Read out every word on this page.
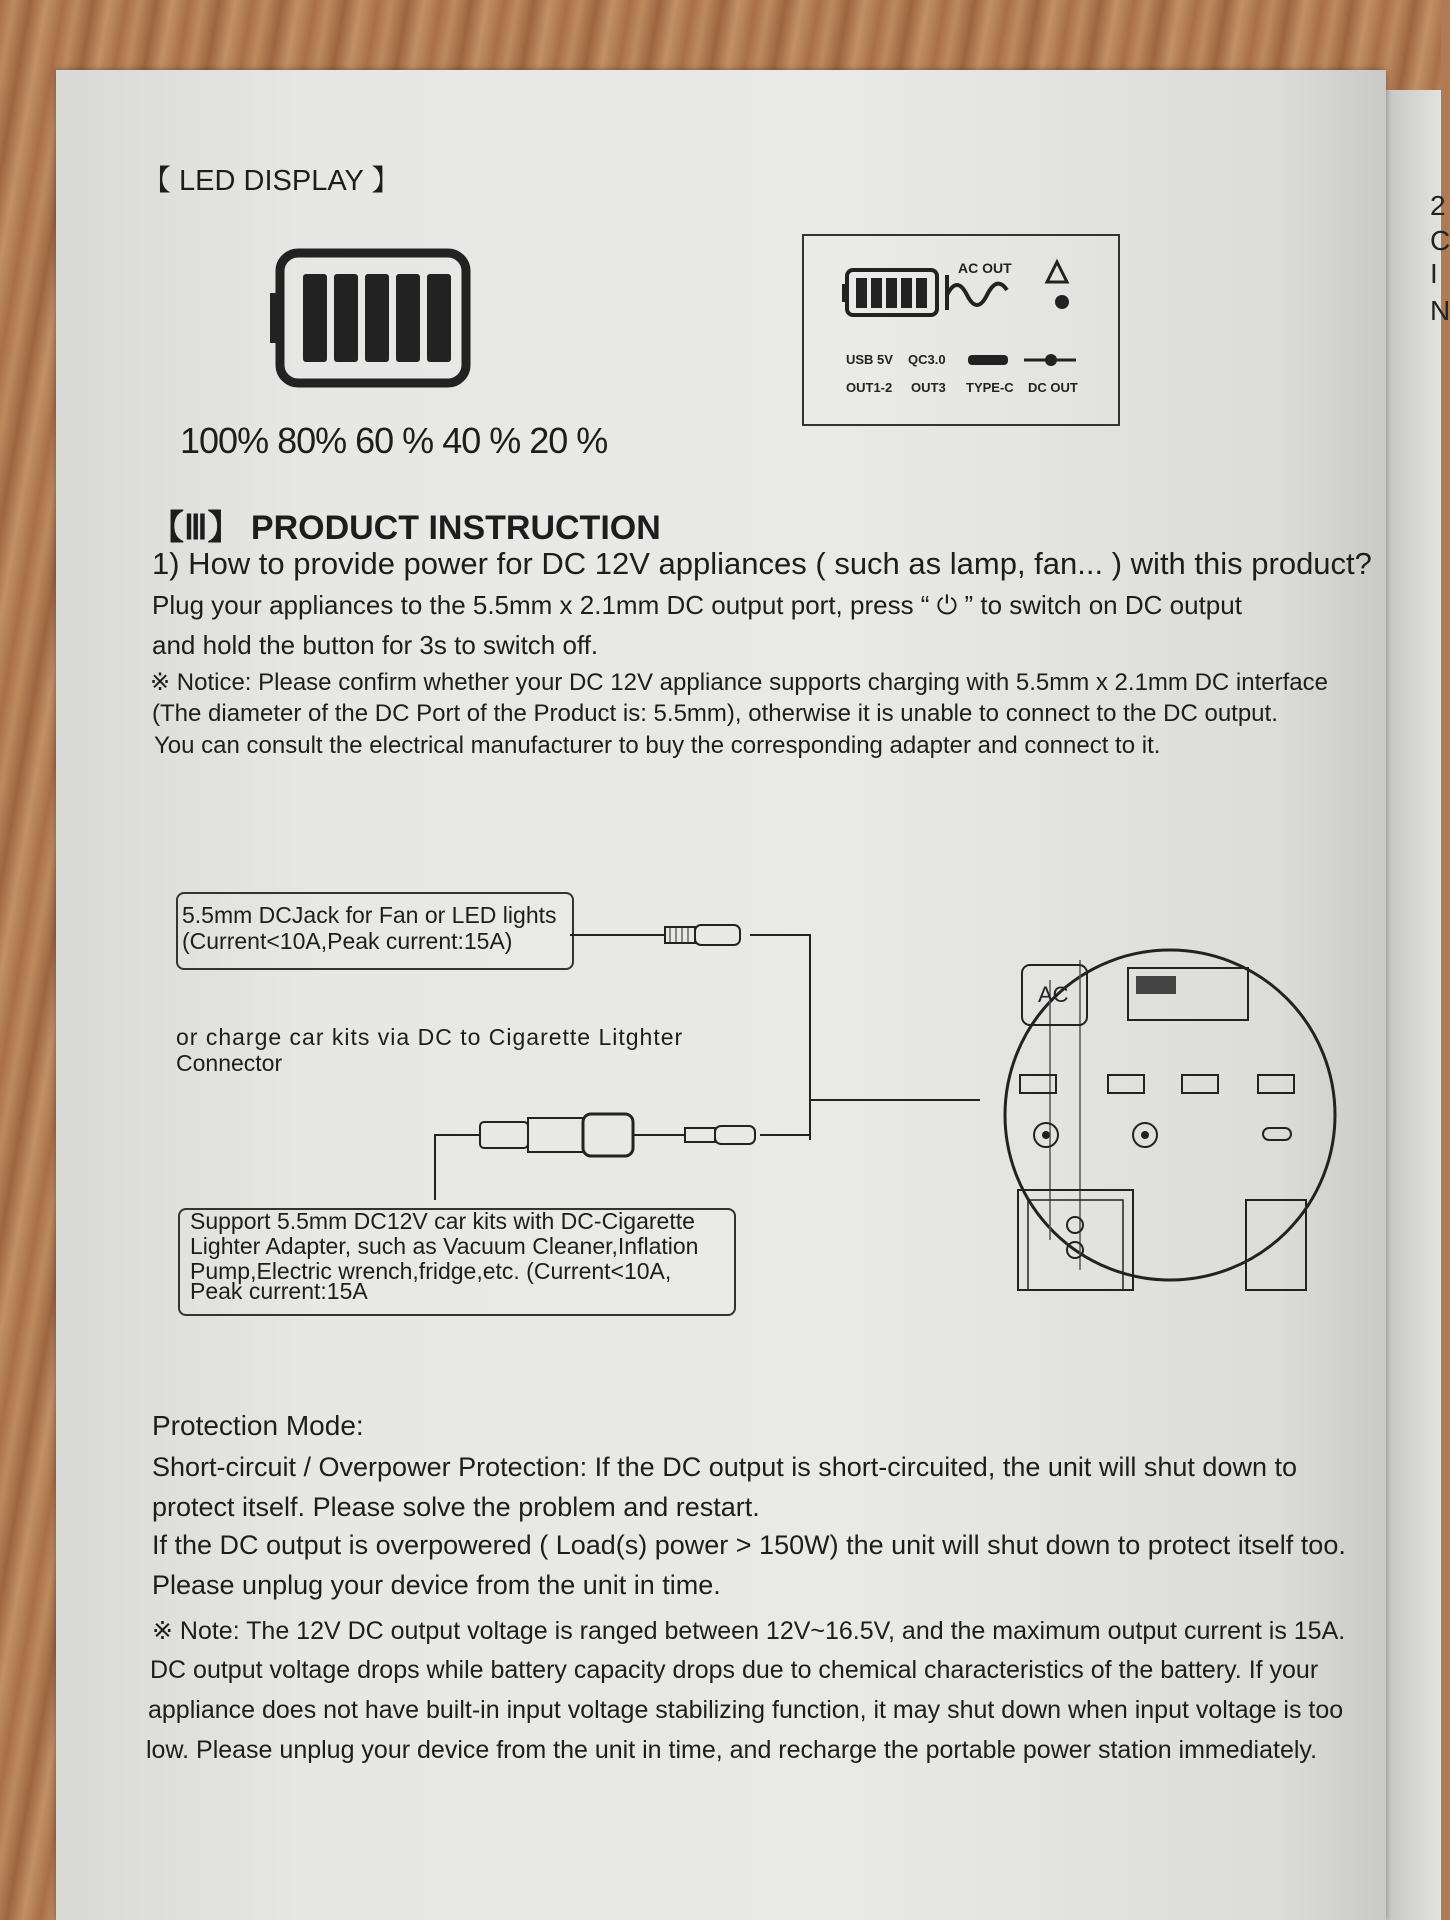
2
C
I
N
【 LED DISPLAY 】
100% 80% 60 % 40 % 20 %
AC OUT
USB 5V QC3.0
OUT1-2 OUT3 TYPE-C DC OUT
【Ⅲ】 PRODUCT INSTRUCTION
1) How to provide power for DC 12V appliances ( such as lamp, fan... ) with this product?
Plug your appliances to the 5.5mm x 2.1mm DC output port, press “ ⏻ ” to switch on DC output
and hold the button for 3s to switch off.
※ Notice: Please confirm whether your DC 12V appliance supports charging with 5.5mm x 2.1mm DC interface
(The diameter of the DC Port of the Product is: 5.5mm), otherwise it is unable to connect to the DC output.
You can consult the electrical manufacturer to buy the corresponding adapter and connect to it.
5.5mm DCJack for Fan or LED lights
(Current<10A,Peak current:15A)
or charge car kits via DC to Cigarette Litghter
Connector
Support 5.5mm DC12V car kits with DC-Cigarette
Lighter Adapter, such as Vacuum Cleaner,Inflation
Pump,Electric wrench,fridge,etc. (Current<10A,
Peak current:15A
AC
Protection Mode:
Short-circuit / Overpower Protection: If the DC output is short-circuited, the unit will shut down to
protect itself. Please solve the problem and restart.
If the DC output is overpowered ( Load(s) power > 150W) the unit will shut down to protect itself too.
Please unplug your device from the unit in time.
※ Note: The 12V DC output voltage is ranged between 12V~16.5V, and the maximum output current is 15A.
DC output voltage drops while battery capacity drops due to chemical characteristics of the battery. If your
appliance does not have built-in input voltage stabilizing function, it may shut down when input voltage is too
low. Please unplug your device from the unit in time, and recharge the portable power station immediately.
